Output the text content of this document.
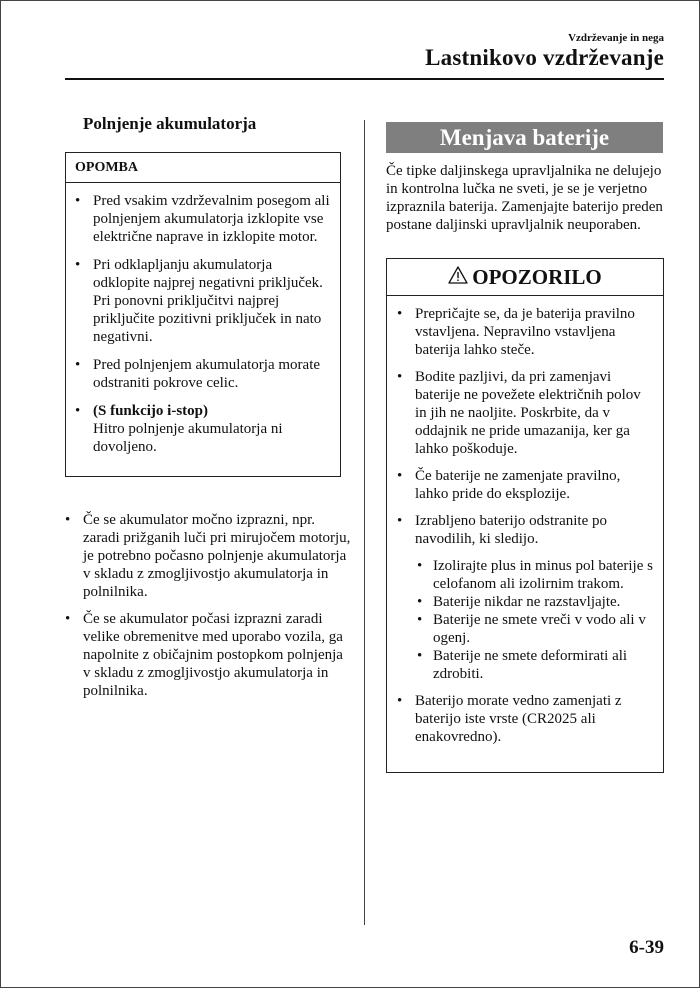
Vzdrževanje in nega
Lastnikovo vzdrževanje
Polnjenje akumulatorja
OPOMBA
• Pred vsakim vzdrževalnim posegom ali polnjenjem akumulatorja izklopite vse električne naprave in izklopite motor.
• Pri odklapljanju akumulatorja odklopite najprej negativni priključek. Pri ponovni priključitvi najprej priključite pozitivni priključek in nato negativni.
• Pred polnjenjem akumulatorja morate odstraniti pokrove celic.
• (S funkcijo i-stop)
Hitro polnjenje akumulatorja ni dovoljeno.
• Če se akumulator močno izprazni, npr. zaradi prižganih luči pri mirujočem motorju, je potrebno počasno polnjenje akumulatorja v skladu z zmogljivostjo akumulatorja in polnilnika.
• Če se akumulator počasi izprazni zaradi velike obremenitve med uporabo vozila, ga napolnite z običajnim postopkom polnjenja v skladu z zmogljivostjo akumulatorja in polnilnika.
Menjava baterije
Če tipke daljinskega upravljalnika ne delujejo in kontrolna lučka ne sveti, je se je verjetno izpraznila baterija. Zamenjajte baterijo preden postane daljinski upravljalnik neuporaben.
OPOZORILO
• Prepričajte se, da je baterija pravilno vstavljena. Nepravilno vstavljena baterija lahko steče.
• Bodite pazljivi, da pri zamenjavi baterije ne povežete električnih polov in jih ne naoljite. Poskrbite, da v oddajnik ne pride umazanija, ker ga lahko poškoduje.
• Če baterije ne zamenjate pravilno, lahko pride do eksplozije.
• Izrabljeno baterijo odstranite po navodilih, ki sledijo.
• Izolirajte plus in minus pol baterije s celofanom ali izolirnim trakom.
• Baterije nikdar ne razstavljajte.
• Baterije ne smete vreči v vodo ali v ogenj.
• Baterije ne smete deformirati ali zdrobiti.
• Baterijo morate vedno zamenjati z baterijo iste vrste (CR2025 ali enakovredno).
6-39
